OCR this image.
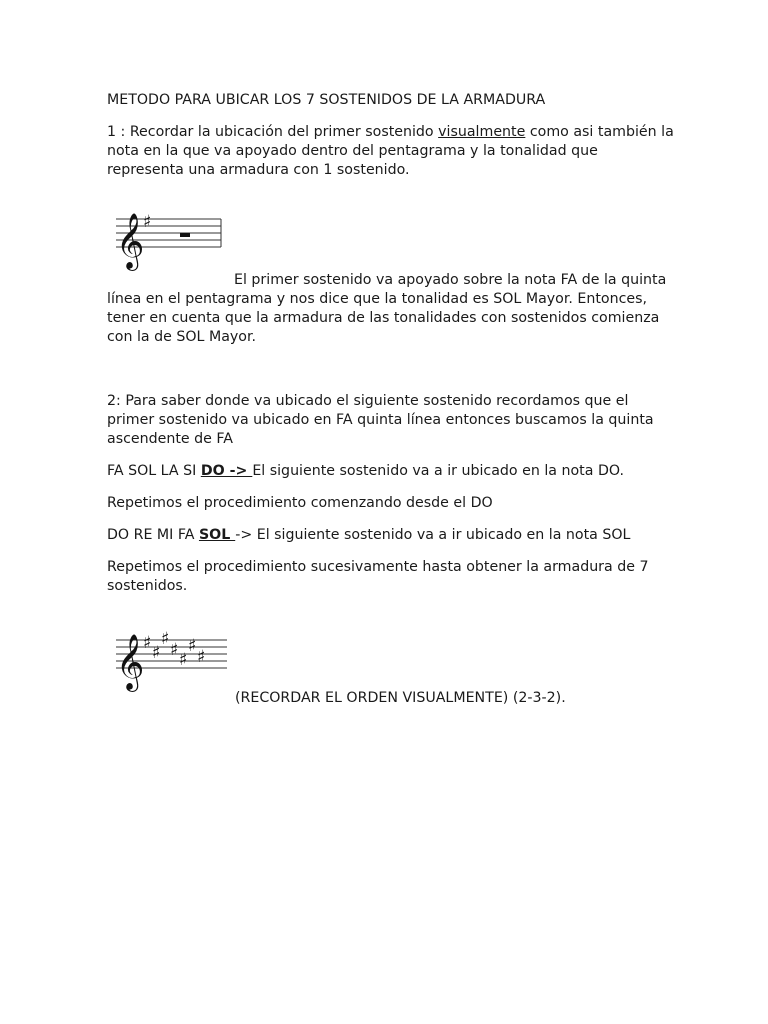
METODO PARA UBICAR LOS 7 SOSTENIDOS DE LA ARMADURA
1 : Recordar la ubicación del primer sostenido visualmente como asi también la
nota en la que va apoyado dentro del pentagrama y la tonalidad que
representa una armadura con 1 sostenido.
𝄞
♯
El primer sostenido va apoyado sobre la nota FA de la quinta
línea en el pentagrama y nos dice que la tonalidad es SOL Mayor. Entonces,
tener en cuenta que la armadura de las tonalidades con sostenidos comienza
con la de SOL Mayor.
2: Para saber donde va ubicado el siguiente sostenido recordamos que el
primer sostenido va ubicado en FA quinta línea entonces buscamos la quinta
ascendente de FA
FA SOL LA SI DO -> El siguiente sostenido va a ir ubicado en la nota DO.
Repetimos el procedimiento comenzando desde el DO
DO RE MI FA SOL -> El siguiente sostenido va a ir ubicado en la nota SOL
Repetimos el procedimiento sucesivamente hasta obtener la armadura de 7
sostenidos.
𝄞
♯ ♯
♯
♯ ♯
♯
♯
(RECORDAR EL ORDEN VISUALMENTE) (2-3-2).
